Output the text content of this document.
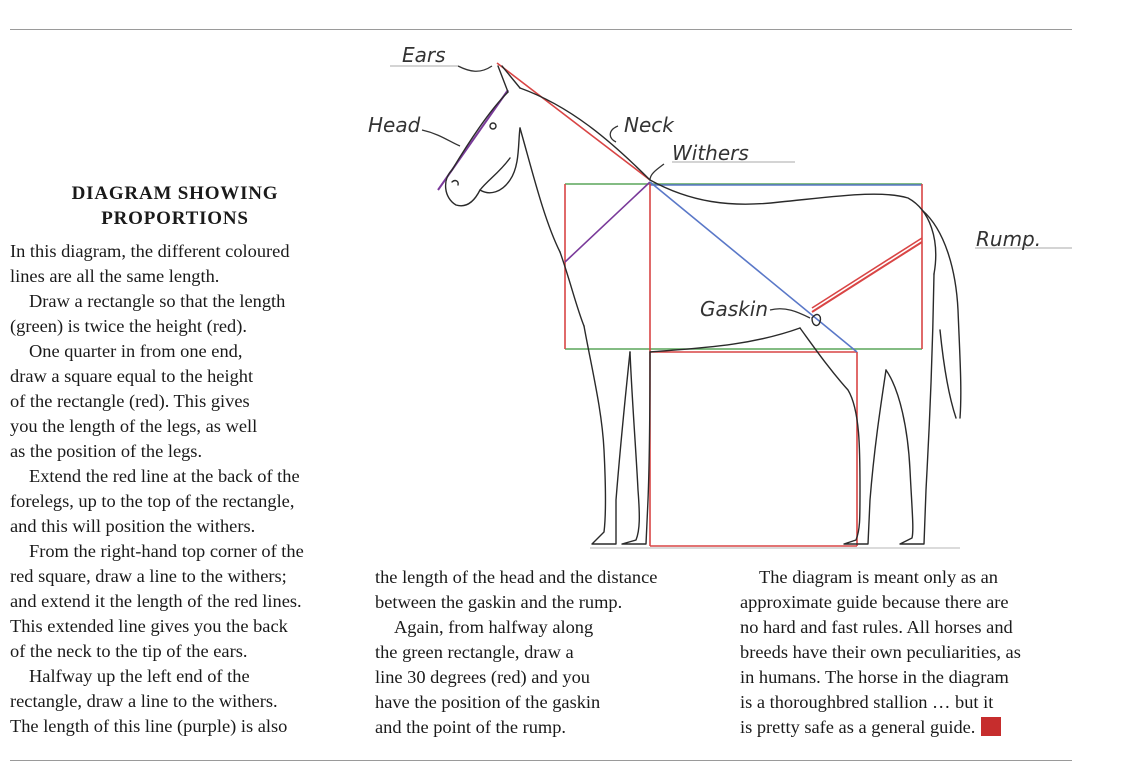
DIAGRAM SHOWING
PROPORTIONS
In this diagram, the different coloured
lines are all the same length.
Draw a rectangle so that the length
(green) is twice the height (red).
One quarter in from one end,
draw a square equal to the height
of the rectangle (red). This gives
you the length of the legs, as well
as the position of the legs.
Extend the red line at the back of the
forelegs, up to the top of the rectangle,
and this will position the withers.
From the right-hand top corner of the
red square, draw a line to the withers;
and extend it the length of the red lines.
This extended line gives you the back
of the neck to the tip of the ears.
Halfway up the left end of the
rectangle, draw a line to the withers.
The length of this line (purple) is also
the length of the head and the distance
between the gaskin and the rump.
Again, from halfway along
the green rectangle, draw a
line 30 degrees (red) and you
have the position of the gaskin
and the point of the rump.
The diagram is meant only as an
approximate guide because there are
no hard and fast rules. All horses and
breeds have their own peculiarities, as
in humans. The horse in the diagram
is a thoroughbred stallion … but it
is pretty safe as a general guide.
Ears
Head	Neck
Withers
Rump.
Gaskin
